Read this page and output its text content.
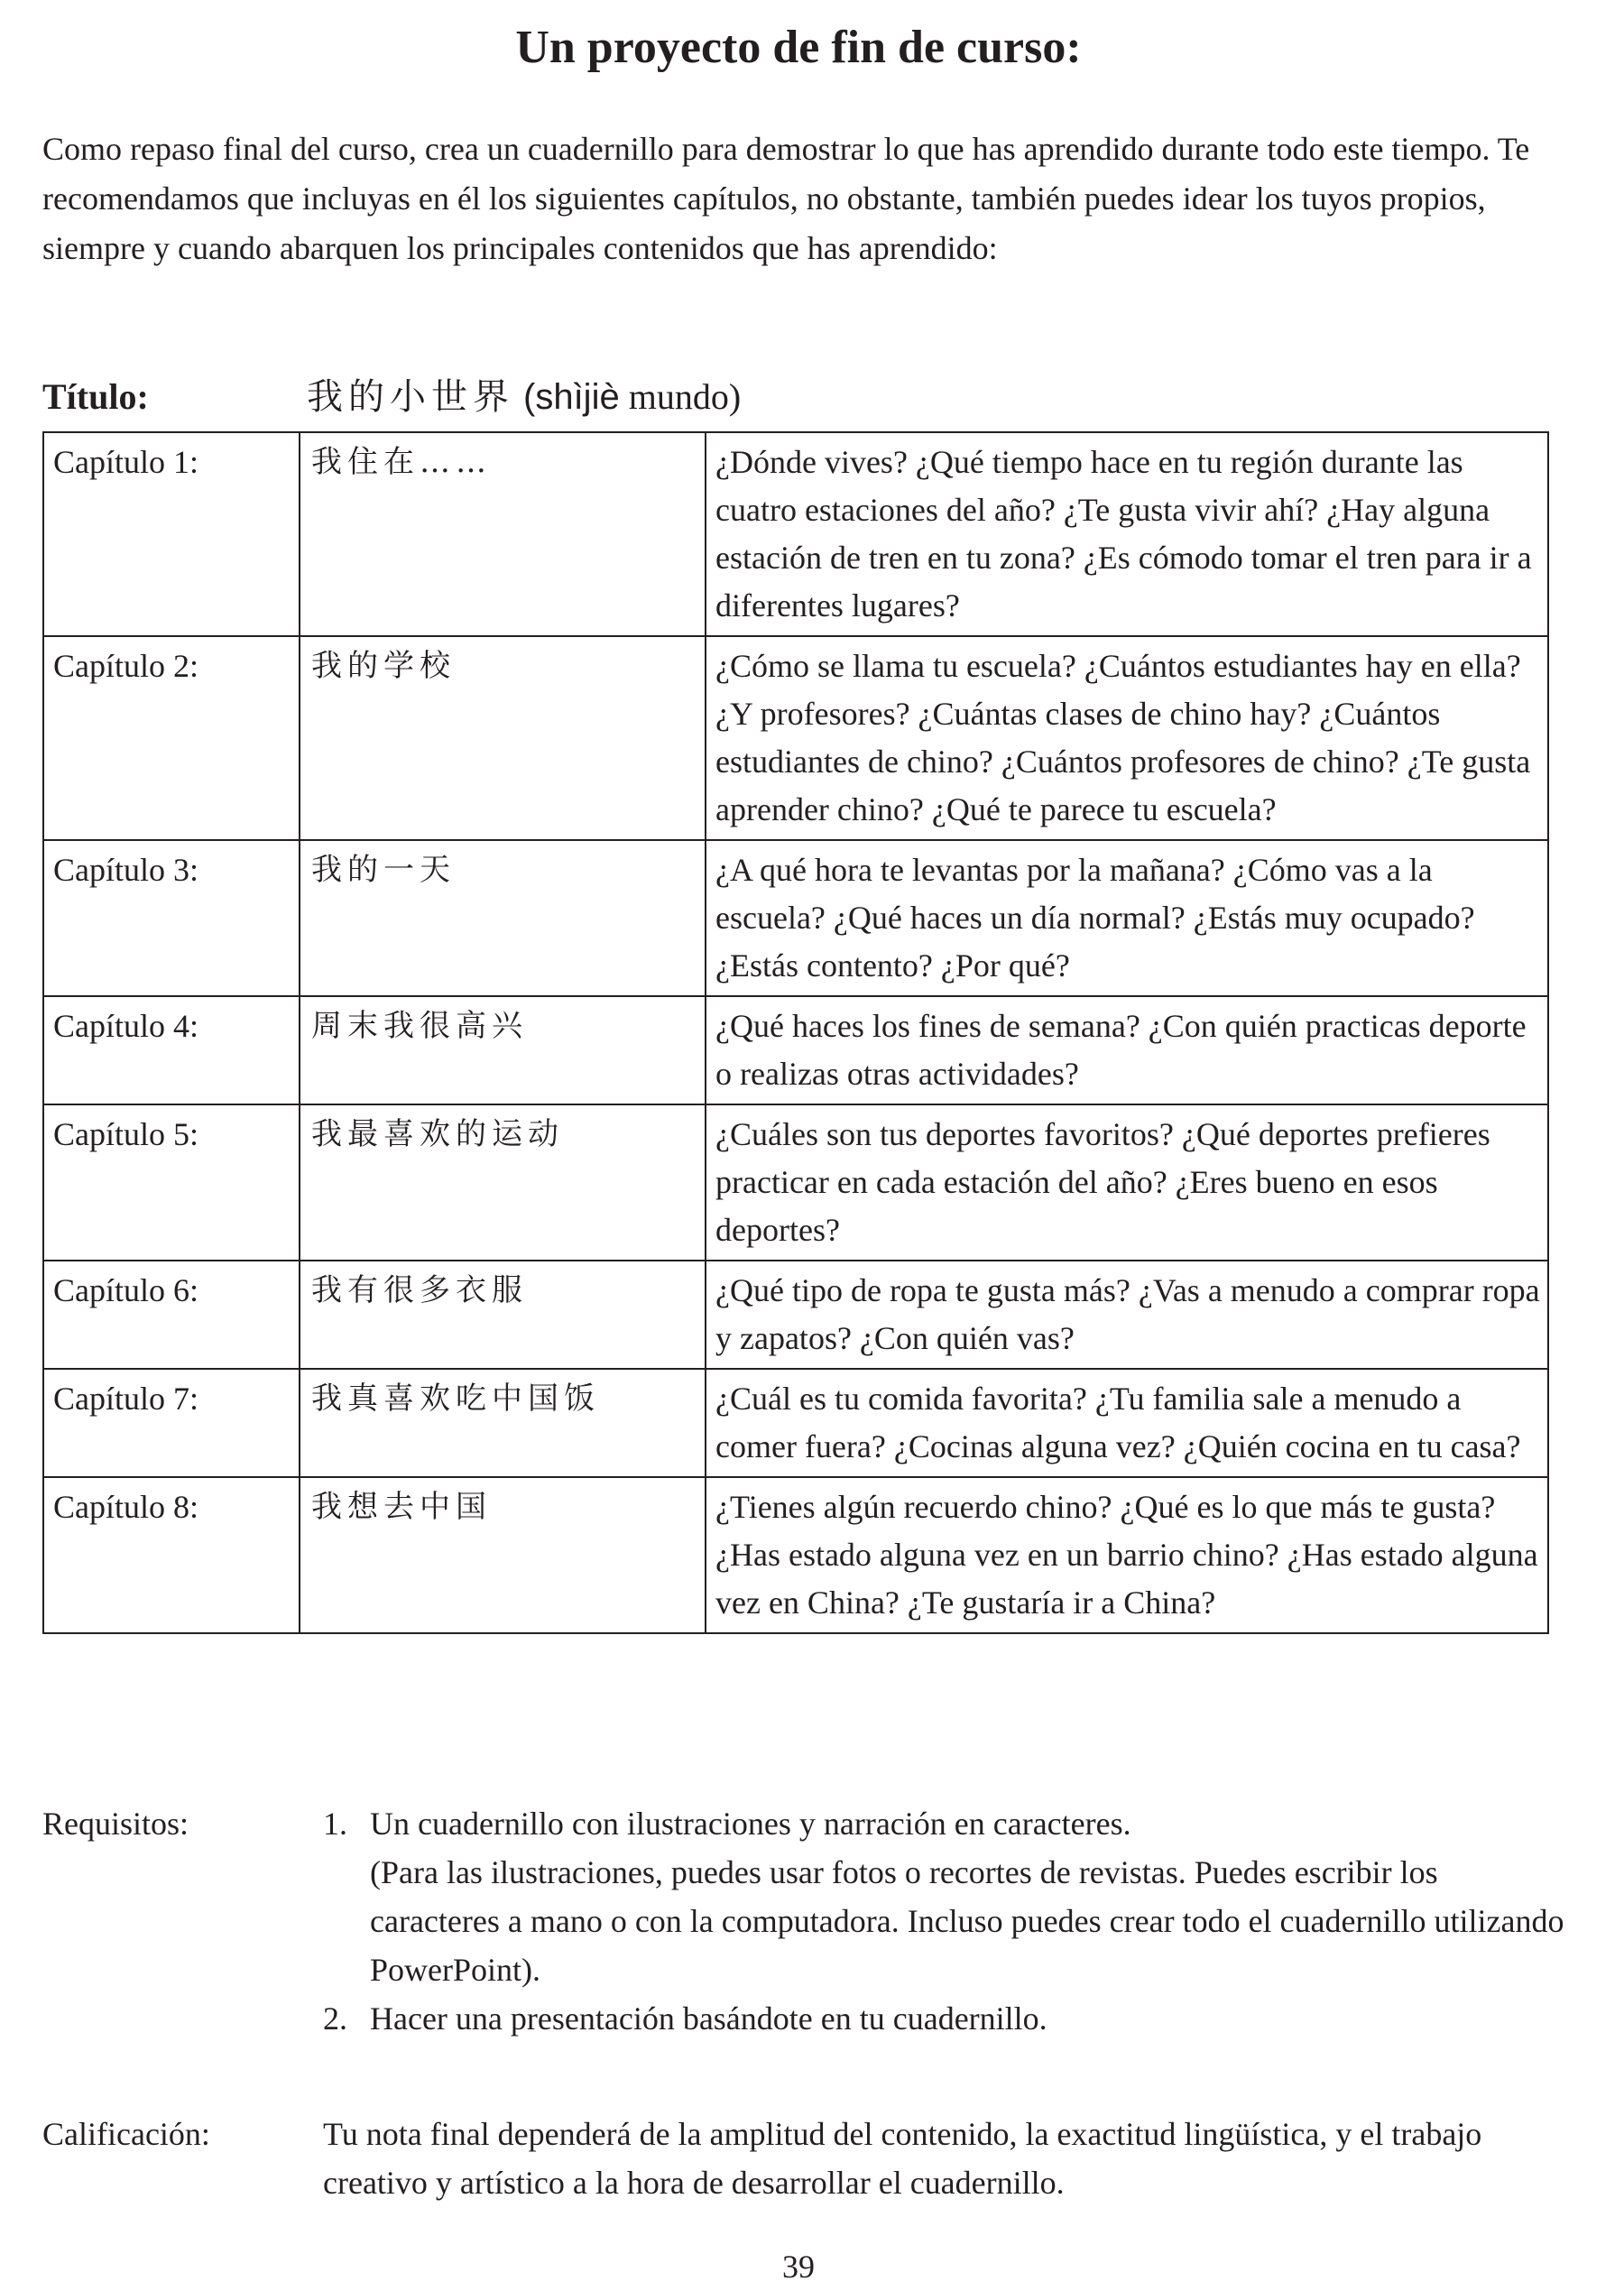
Un proyecto de fin de curso:

Como repaso final del curso, crea un cuadernillo para demostrar lo que has aprendido durante todo este tiempo. Te recomendamos que incluyas en él los siguientes capítulos, no obstante, también puedes idear los tuyos propios, siempre y cuando abarquen los principales contenidos que has aprendido:

Título:	我的小世界 (shìjiè mundo)
Capítulo 1:	我住在……	¿Dónde vives? ¿Qué tiempo hace en tu región durante las cuatro estaciones del año? ¿Te gusta vivir ahí? ¿Hay alguna estación de tren en tu zona? ¿Es cómodo tomar el tren para ir a diferentes lugares?
Capítulo 2:	我的学校	¿Cómo se llama tu escuela? ¿Cuántos estudiantes hay en ella? ¿Y profesores? ¿Cuántas clases de chino hay? ¿Cuántos estudiantes de chino? ¿Cuántos profesores de chino? ¿Te gusta aprender chino? ¿Qué te parece tu escuela?
Capítulo 3:	我的一天	¿A qué hora te levantas por la mañana? ¿Cómo vas a la escuela? ¿Qué haces un día normal? ¿Estás muy ocupado? ¿Estás contento? ¿Por qué?
Capítulo 4:	周末我很高兴	¿Qué haces los fines de semana? ¿Con quién practicas deporte o realizas otras actividades?
Capítulo 5:	我最喜欢的运动	¿Cuáles son tus deportes favoritos? ¿Qué deportes prefieres practicar en cada estación del año? ¿Eres bueno en esos deportes?
Capítulo 6:	我有很多衣服	¿Qué tipo de ropa te gusta más? ¿Vas a menudo a comprar ropa y zapatos? ¿Con quién vas?
Capítulo 7:	我真喜欢吃中国饭	¿Cuál es tu comida favorita? ¿Tu familia sale a menudo a comer fuera? ¿Cocinas alguna vez? ¿Quién cocina en tu casa?
Capítulo 8:	我想去中国	¿Tienes algún recuerdo chino? ¿Qué es lo que más te gusta? ¿Has estado alguna vez en un barrio chino? ¿Has estado alguna vez en China? ¿Te gustaría ir a China?
Requisitos:	1. Un cuadernillo con ilustraciones y narración en caracteres.
(Para las ilustraciones, puedes usar fotos o recortes de revistas. Puedes escribir los caracteres a mano o con la computadora. Incluso puedes crear todo el cuadernillo utilizando PowerPoint).
2. Hacer una presentación basándote en tu cuadernillo.
Calificación:	Tu nota final dependerá de la amplitud del contenido, la exactitud lingüística, y el trabajo creativo y artístico a la hora de desarrollar el cuadernillo.
39
